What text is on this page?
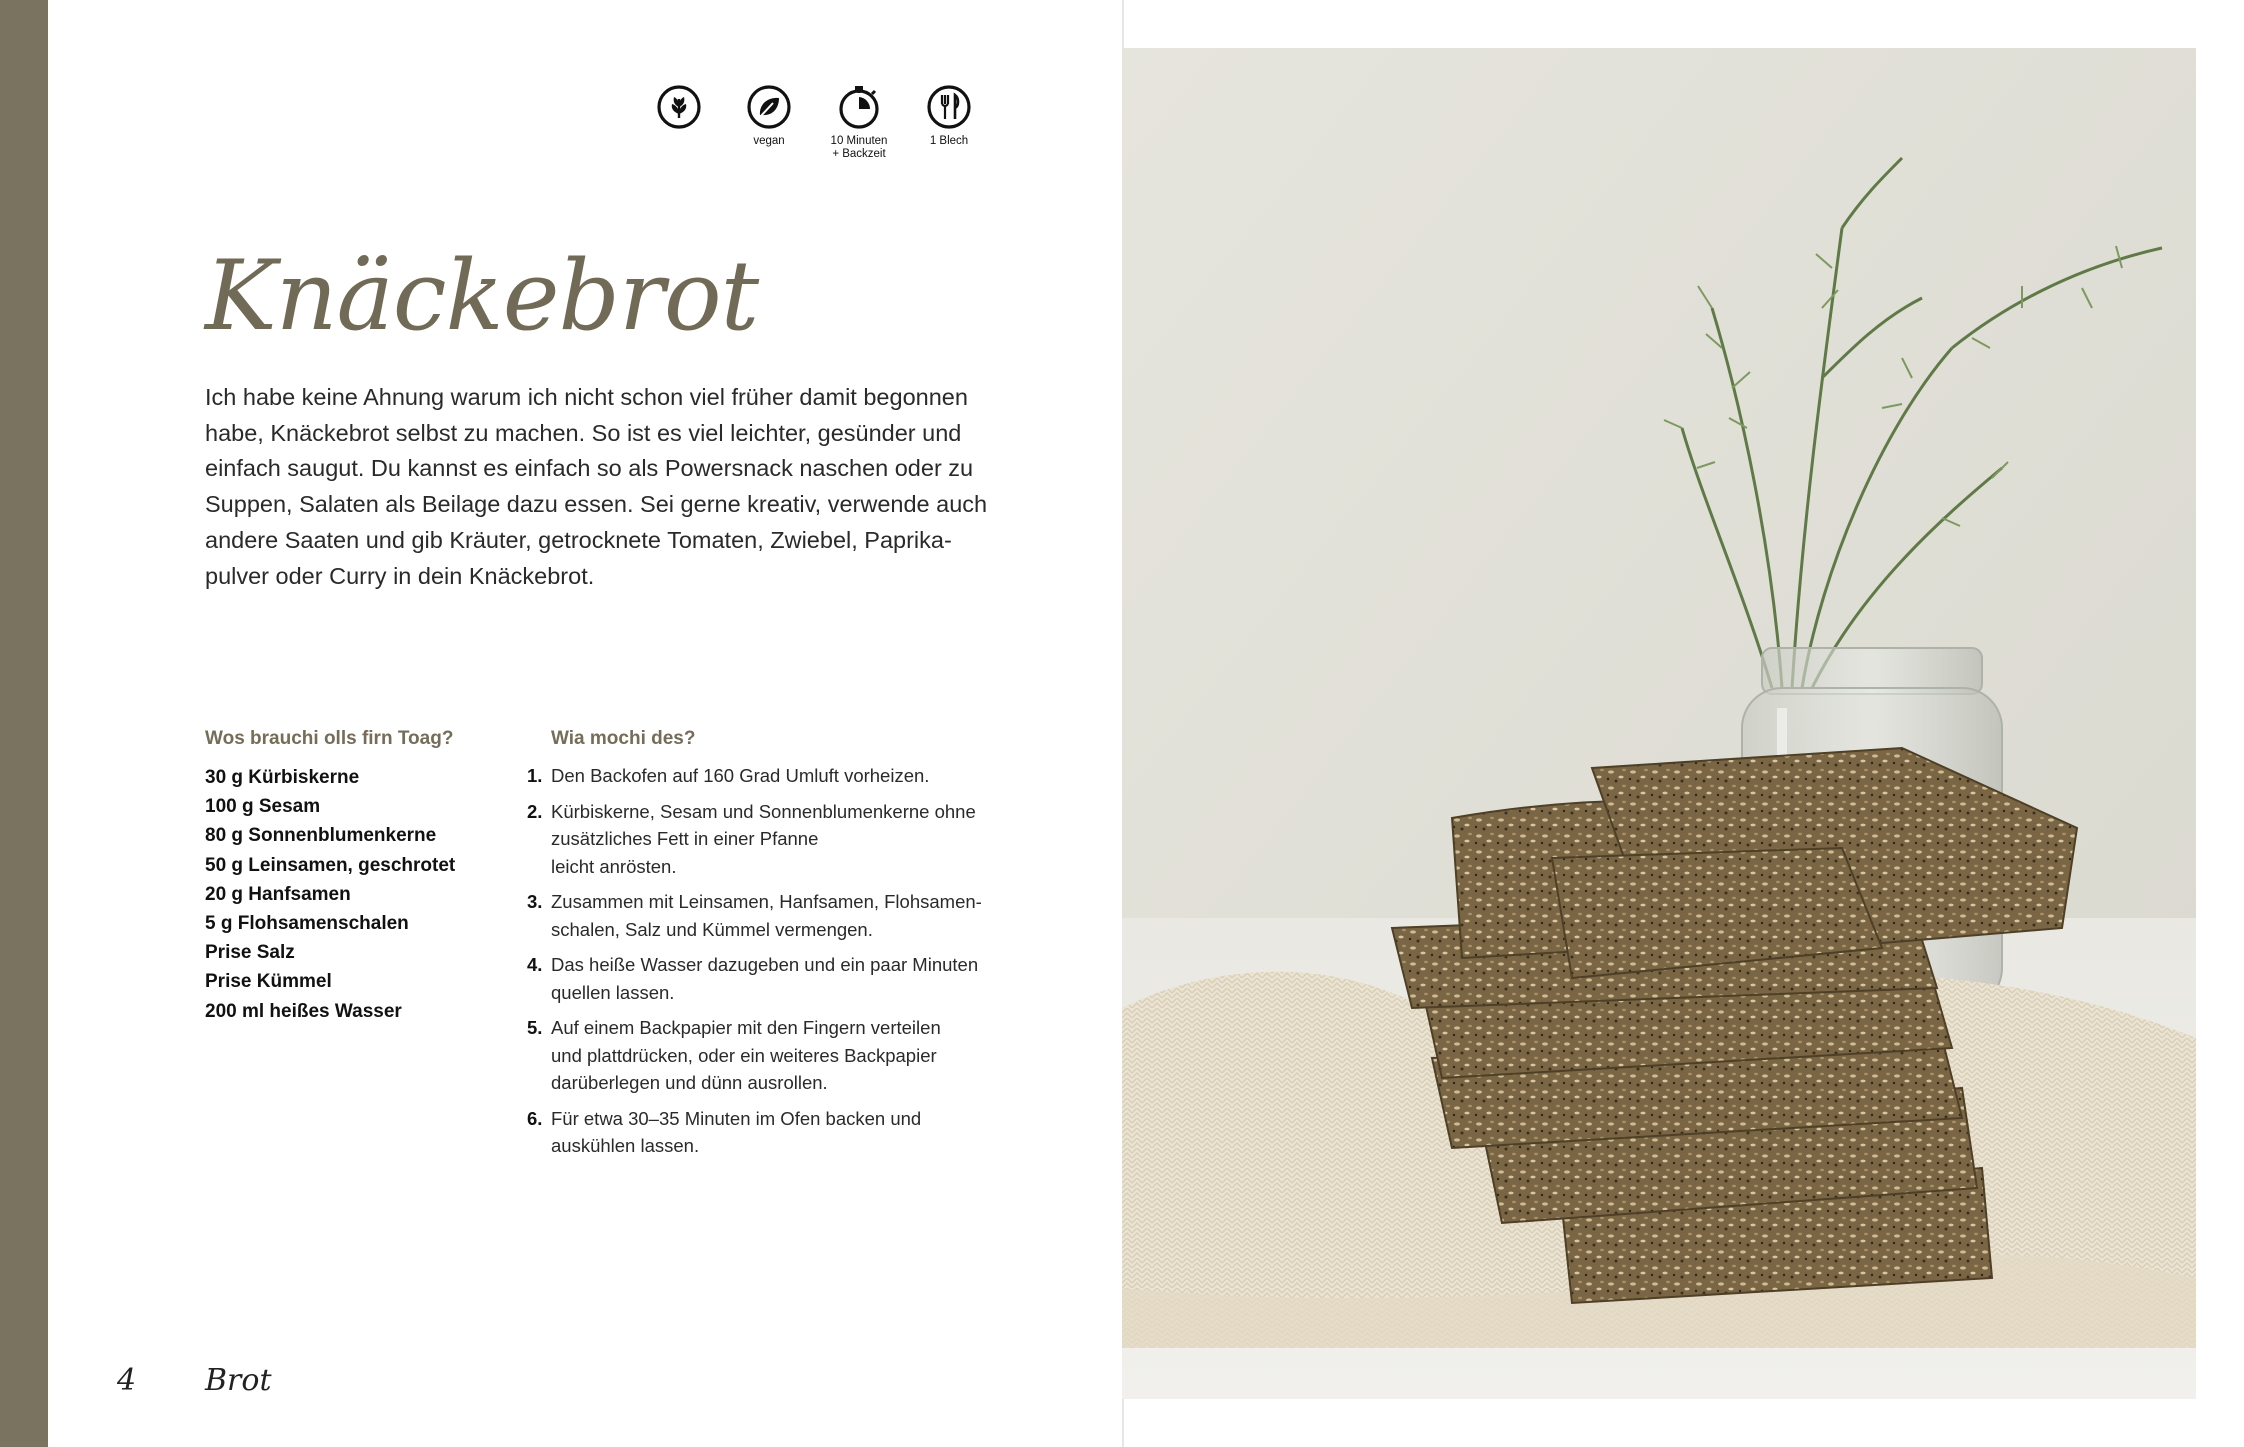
vegan	10 Minuten
+ Backzeit
1 Blech
Knäckebrot
Ich habe keine Ahnung warum ich nicht schon viel früher damit begonnen habe, Knäckebrot selbst zu machen. So ist es viel leichter, gesünder und einfach saugut. Du kannst es einfach so als Powersnack naschen oder zu Suppen, Salaten als Beilage dazu essen. Sei gerne kreativ, verwende auch andere Saaten und gib Kräuter, getrocknete Tomaten, Zwiebel, Paprika-pulver oder Curry in dein Knäckebrot.
Wos brauchi olls firn Toag?
30 g Kürbiskerne
100 g Sesam
80 g Sonnenblumenkerne
50 g Leinsamen, geschrotet
20 g Hanfsamen
5 g Flohsamenschalen
Prise Salz
Prise Kümmel
200 ml heißes Wasser
Wia mochi des?
1. Den Backofen auf 160 Grad Umluft vorheizen.
2. Kürbiskerne, Sesam und Sonnenblumenkerne ohne
zusätzliches Fett in einer Pfanne
leicht anrösten.
3. Zusammen mit Leinsamen, Hanfsamen, Flohsamen-
schalen, Salz und Kümmel vermengen.
4. Das heiße Wasser dazugeben und ein paar Minuten
quellen lassen.
5. Auf einem Backpapier mit den Fingern verteilen
und plattdrücken, oder ein weiteres Backpapier
darüberlegen und dünn ausrollen.
6. Für etwa 30–35 Minuten im Ofen backen und
auskühlen lassen.
4 Brot
